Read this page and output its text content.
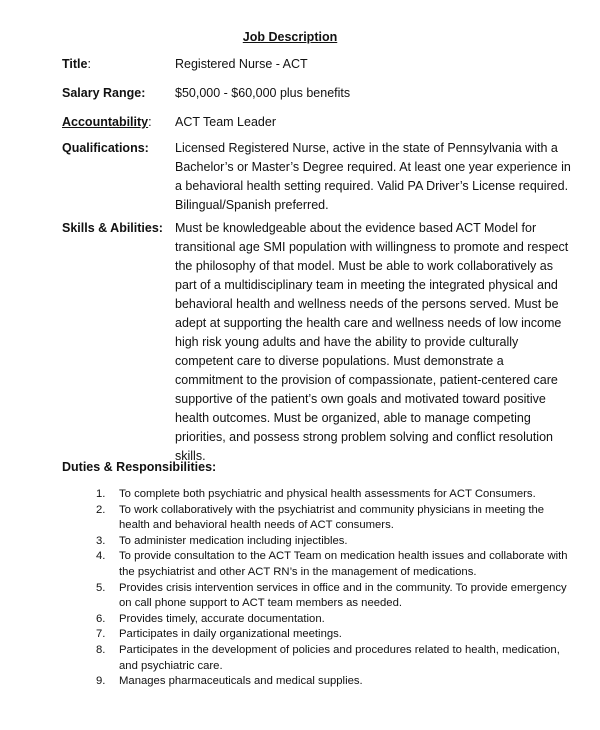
Job Description
Title:	Registered Nurse - ACT
Salary Range: $50,000 - $60,000 plus benefits
Accountability: ACT Team Leader
Qualifications: Licensed Registered Nurse, active in the state of Pennsylvania with a
Bachelor’s or Master’s Degree required. At least one year experience in
a behavioral health setting required. Valid PA Driver’s License required.
Bilingual/Spanish preferred.
Skills & Abilities: Must be knowledgeable about the evidence based ACT Model for
transitional age SMI population with willingness to promote and respect
the philosophy of that model. Must be able to work collaboratively as
part of a multidisciplinary team in meeting the integrated physical and
behavioral health and wellness needs of the persons served. Must be
adept at supporting the health care and wellness needs of low income
high risk young adults and have the ability to provide culturally
competent care to diverse populations. Must demonstrate a
commitment to the provision of compassionate, patient-centered care
supportive of the patient’s own goals and motivated toward positive
health outcomes. Must be organized, able to manage competing
priorities, and possess strong problem solving and conflict resolution
skills.
Duties & Responsibilities:
1. To complete both psychiatric and physical health assessments for ACT Consumers.
2. To work collaboratively with the psychiatrist and community physicians in meeting the
health and behavioral health needs of ACT consumers.
3. To administer medication including injectibles.
4. To provide consultation to the ACT Team on medication health issues and collaborate with
the psychiatrist and other ACT RN’s in the management of medications.
5. Provides crisis intervention services in office and in the community. To provide emergency
on call phone support to ACT team members as needed.
6. Provides timely, accurate documentation.
7. Participates in daily organizational meetings.
8. Participates in the development of policies and procedures related to health, medication,
and psychiatric care.
9. Manages pharmaceuticals and medical supplies.
